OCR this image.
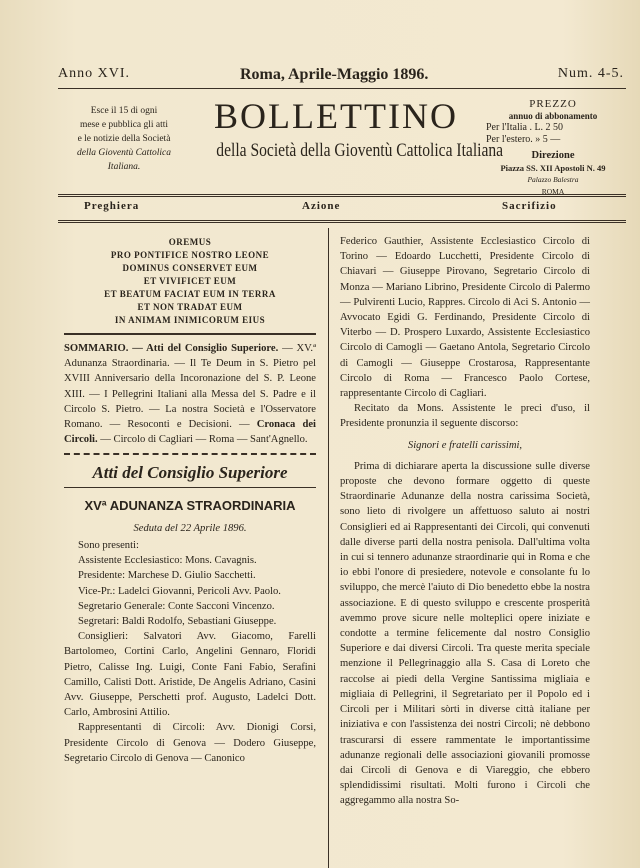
Anno XVI.	Roma, Aprile-Maggio 1896.	Num. 4-5.
Esce il 15 di ogni
mese e pubblica gli atti
e le notizie della Società
della Gioventù Cattolica
Italiana.
BOLLETTINO
della Società della Gioventù Cattolica Italiana
PREZZO
annuo di abbonamento
Per l'Italia . L. 2 50
Per l'estero. » 5 —
Direzione
Piazza SS. XII Apostoli N. 49
Palazzo Balestra
ROMA
Preghiera	Azione	Sacrifizio
OREMUS
PRO PONTIFICE NOSTRO LEONE
DOMINUS CONSERVET EUM
ET VIVIFICET EUM
ET BEATUM FACIAT EUM IN TERRA
ET NON TRADAT EUM
IN ANIMAM INIMICORUM EIUS

SOMMARIO. — Atti del Consiglio Superiore. — XV.ª Adunanza Straordinaria. — Il Te Deum in S. Pietro pel XVIII Anniversario della Incoronazione del S. P. Leone XIII. — I Pellegrini Italiani alla Messa del S. Padre e il Circolo S. Pietro. — La nostra Società e l'Osservatore Romano. — Resoconti e Decisioni. — Cronaca dei Circoli. — Circolo di Cagliari — Roma — Sant'Agnello.

Atti del Consiglio Superiore
XVª ADUNANZA STRAORDINARIA
Seduta del 22 Aprile 1896.

Sono presenti:

Assistente Ecclesiastico: Mons. Cavagnis.

Presidente: Marchese D. Giulio Sacchetti.

Vice-Pr.: Ladelci Giovanni, Pericoli Avv. Paolo.

Segretario Generale: Conte Sacconi Vincenzo.

Segretari: Baldi Rodolfo, Sebastiani Giuseppe.

Consiglieri: Salvatori Avv. Giacomo, Farelli Bartolomeo, Cortini Carlo, Angelini Gennaro, Floridi Pietro, Calisse Ing. Luigi, Conte Fani Fabio, Serafini Camillo, Calisti Dott. Aristide, De Angelis Adriano, Casini Avv. Giuseppe, Perschetti prof. Augusto, Ladelci Dott. Carlo, Ambrosini Attilio.

Rappresentanti di Circoli: Avv. Dionigi Corsi, Presidente Circolo di Genova — Dodero Giuseppe, Segretario Circolo di Genova — Canonico

Federico Gauthier, Assistente Ecclesiastico Circolo di Torino — Edoardo Lucchetti, Presidente Circolo di Chiavari — Giuseppe Pirovano, Segretario Circolo di Monza — Mariano Librino, Presidente Circolo di Palermo — Pulvirenti Lucio, Rappres. Circolo di Aci S. Antonio — Avvocato Egidi G. Ferdinando, Presidente Circolo di Viterbo — D. Prospero Luxardo, Assistente Ecclesiastico Circolo di Camogli — Gaetano Antola, Segretario Circolo di Camogli — Giuseppe Crostarosa, Rappresentante Circolo di Roma — Francesco Paolo Cortese, rappresentante Circolo di Cagliari.

Recitato da Mons. Assistente le preci d'uso, il Presidente pronunzia il seguente discorso:

Signori e fratelli carissimi,

Prima di dichiarare aperta la discussione sulle diverse proposte che devono formare oggetto di queste Straordinarie Adunanze della nostra carissima Società, sono lieto di rivolgere un affettuoso saluto ai nostri Consiglieri ed ai Rappresentanti dei Circoli, qui convenuti dalle diverse parti della nostra penisola. Dall'ultima volta in cui si tennero adunanze straordinarie qui in Roma e che io ebbi l'onore di presiedere, notevole e consolante fu lo sviluppo, che mercè l'aiuto di Dio benedetto ebbe la nostra associazione. E di questo sviluppo e crescente prosperità avemmo prove sicure nelle molteplici opere iniziate e condotte a termine felicemente dal nostro Consiglio Superiore e dai diversi Circoli. Tra queste merita speciale menzione il Pellegrinaggio alla S. Casa di Loreto che raccolse ai piedi della Vergine Santissima migliaia e migliaia di Pellegrini, il Segretariato per il Popolo ed i Circoli per i Militari sòrti in diverse città italiane per iniziativa e con l'assistenza dei nostri Circoli; nè debbono trascurarsi di essere rammentate le importantissime adunanze regionali delle associazioni giovanili promosse dai Circoli di Genova e di Viareggio, che ebbero splendidissimi risultati. Molti furono i Circoli che aggregammo alla nostra So-
